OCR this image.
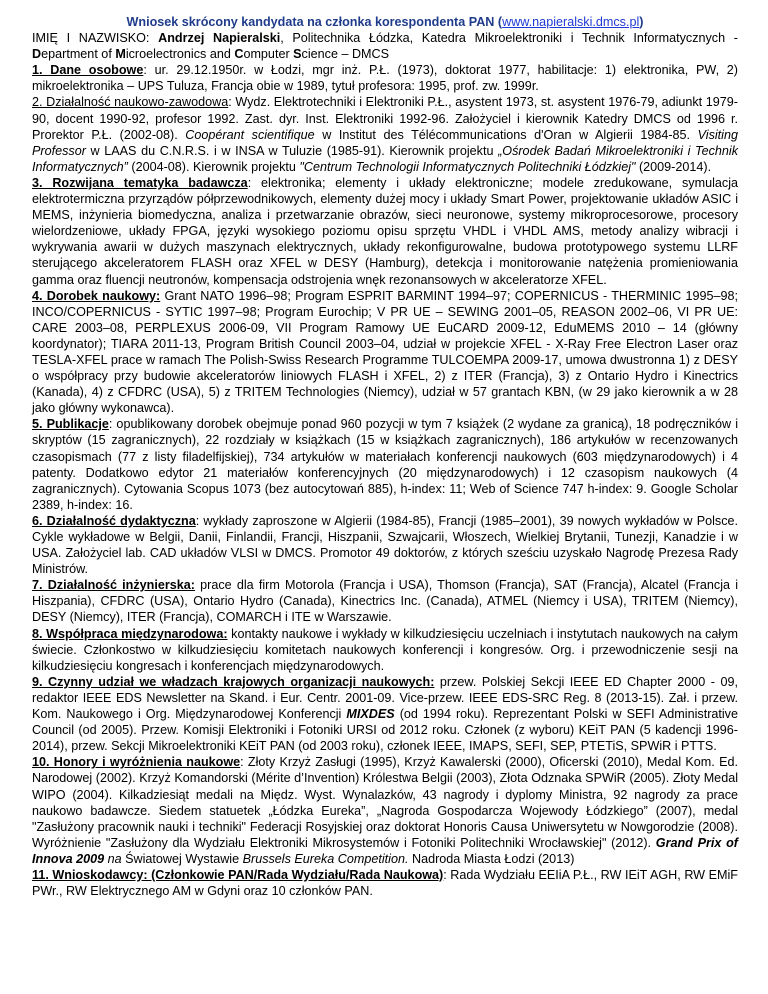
Wniosek skrócony kandydata na członka korespondenta PAN (www.napieralski.dmcs.pl)

IMIĘ I NAZWISKO: Andrzej Napieralski, Politechnika Łódzka, Katedra Mikroelektroniki i Technik Informatycznych - Department of Microelectronics and Computer Science – DMCS

1. Dane osobowe: ur. 29.12.1950r. w Łodzi, mgr inż. P.Ł. (1973), doktorat 1977, habilitacje: 1) elektronika, PW, 2) mikroelektronika – UPS Tuluza, Francja obie w 1989, tytuł profesora: 1995, prof. zw. 1999r.

2. Działalność naukowo-zawodowa: Wydz. Elektrotechniki i Elektroniki P.Ł., asystent 1973, st. asystent 1976-79, adiunkt 1979-90, docent 1990-92, profesor 1992. Zast. dyr. Inst. Elektroniki 1992-96. Założyciel i kierownik Katedry DMCS od 1996 r. Prorektor P.Ł. (2002-08). Coopérant scientifique w Institut des Télécommunications d'Oran w Algierii 1984-85. Visiting Professor w LAAS du C.N.R.S. i w INSA w Tuluzie (1985-91). Kierownik projektu „Ośrodek Badań Mikroelektroniki i Technik Informatycznych” (2004-08). Kierownik projektu "Centrum Technologii Informatycznych Politechniki Łódzkiej" (2009-2014).

3. Rozwijana tematyka badawcza: elektronika; elementy i układy elektroniczne; modele zredukowane, symulacja elektrotermiczna przyrządów półprzewodnikowych, elementy dużej mocy i układy Smart Power, projektowanie układów ASIC i MEMS, inżynieria biomedyczna, analiza i przetwarzanie obrazów, sieci neuronowe, systemy mikroprocesorowe, procesory wielordzeniowe, układy FPGA, języki wysokiego poziomu opisu sprzętu VHDL i VHDL AMS, metody analizy wibracji i wykrywania awarii w dużych maszynach elektrycznych, układy rekonfigurowalne, budowa prototypowego systemu LLRF sterującego akceleratorem FLASH oraz XFEL w DESY (Hamburg), detekcja i monitorowanie natężenia promieniowania gamma oraz fluencji neutronów, kompensacja odstrojenia wnęk rezonansowych w akceleratorze XFEL.

4. Dorobek naukowy: Grant NATO 1996–98; Program ESPRIT BARMINT 1994–97; COPERNICUS - THERMINIC 1995–98; INCO/COPERNICUS - SYTIC 1997–98; Program Eurochip; V PR UE – SEWING 2001–05, REASON 2002–06, VI PR UE: CARE 2003–08, PERPLEXUS 2006-09, VII Program Ramowy UE EuCARD 2009-12, EduMEMS 2010 – 14 (główny koordynator); TIARA 2011-13, Program British Council 2003–04, udział w projekcie XFEL - X-Ray Free Electron Laser oraz TESLA-XFEL prace w ramach The Polish-Swiss Research Programme TULCOEMPA 2009-17, umowa dwustronna 1) z DESY o współpracy przy budowie akceleratorów liniowych FLASH i XFEL, 2) z ITER (Francja), 3) z Ontario Hydro i Kinectrics (Kanada), 4) z CFDRC (USA), 5) z TRITEM Technologies (Niemcy), udział w 57 grantach KBN, (w 29 jako kierownik a w 28 jako główny wykonawca).

5. Publikacje: opublikowany dorobek obejmuje ponad 960 pozycji w tym 7 książek (2 wydane za granicą), 18 podręczników i skryptów (15 zagranicznych), 22 rozdziały w książkach (15 w książkach zagranicznych), 186 artykułów w recenzowanych czasopismach (77 z listy filadelfijskiej), 734 artykułów w materiałach konferencji naukowych (603 międzynarodowych) i 4 patenty. Dodatkowo edytor 21 materiałów konferencyjnych (20 międzynarodowych) i 12 czasopism naukowych (4 zagranicznych). Cytowania Scopus 1073 (bez autocytowań 885), h-index: 11; Web of Science 747 h-index: 9. Google Scholar 2389, h-index: 16.

6. Działalność dydaktyczna: wykłady zaproszone w Algierii (1984-85), Francji (1985–2001), 39 nowych wykładów w Polsce. Cykle wykładowe w Belgii, Danii, Finlandii, Francji, Hiszpanii, Szwajcarii, Włoszech, Wielkiej Brytanii, Tunezji, Kanadzie i w USA. Założyciel lab. CAD układów VLSI w DMCS. Promotor 49 doktorów, z których sześciu uzyskało Nagrodę Prezesa Rady Ministrów.

7. Działalność inżynierska: prace dla firm Motorola (Francja i USA), Thomson (Francja), SAT (Francja), Alcatel (Francja i Hiszpania), CFDRC (USA), Ontario Hydro (Canada), Kinectrics Inc. (Canada), ATMEL (Niemcy i USA), TRITEM (Niemcy), DESY (Niemcy), ITER (Francja), COMARCH i ITE w Warszawie.

8. Współpraca międzynarodowa: kontakty naukowe i wykłady w kilkudziesięciu uczelniach i instytutach naukowych na całym świecie. Członkostwo w kilkudziesięciu komitetach naukowych konferencji i kongresów. Org. i przewodniczenie sesji na kilkudziesięciu kongresach i konferencjach międzynarodowych.

9. Czynny udział we władzach krajowych organizacji naukowych: przew. Polskiej Sekcji IEEE ED Chapter 2000 - 09, redaktor IEEE EDS Newsletter na Skand. i Eur. Centr. 2001-09. Vice-przew. IEEE EDS-SRC Reg. 8 (2013-15). Zał. i przew. Kom. Naukowego i Org. Międzynarodowej Konferencji MIXDES (od 1994 roku). Reprezentant Polski w SEFI Administrative Council (od 2005). Przew. Komisji Elektroniki i Fotoniki URSI od 2012 roku. Członek (z wyboru) KEiT PAN (5 kadencji 1996-2014), przew. Sekcji Mikroelektroniki KEiT PAN (od 2003 roku), członek IEEE, IMAPS, SEFI, SEP, PTETiS, SPWiR i PTTS.

10. Honory i wyróżnienia naukowe: Złoty Krzyż Zasługi (1995), Krzyż Kawalerski (2000), Oficerski (2010), Medal Kom. Ed. Narodowej (2002). Krzyż Komandorski (Mérite d’Invention) Królestwa Belgii (2003), Złota Odznaka SPWiR (2005). Złoty Medal WIPO (2004). Kilkadziesiąt medali na Międz. Wyst. Wynalazków, 43 nagrody i dyplomy Ministra, 92 nagrody za prace naukowo badawcze. Siedem statuetek „Łódzka Eureka”, „Nagroda Gospodarcza Wojewody Łódzkiego” (2007), medal "Zasłużony pracownik nauki i techniki" Federacji Rosyjskiej oraz doktorat Honoris Causa Uniwersytetu w Nowgorodzie (2008). Wyróżnienie "Zasłużony dla Wydziału Elektroniki Mikrosystemów i Fotoniki Politechniki Wrocławskiej" (2012). Grand Prix of Innova 2009 na Światowej Wystawie Brussels Eureka Competition. Nadroda Miasta Łodzi (2013)

11. Wnioskodawcy: (Członkowie PAN/Rada Wydziału/Rada Naukowa): Rada Wydziału EEIiA P.Ł., RW IEiT AGH, RW EMiF PWr., RW Elektrycznego AM w Gdyni oraz 10 członków PAN.
